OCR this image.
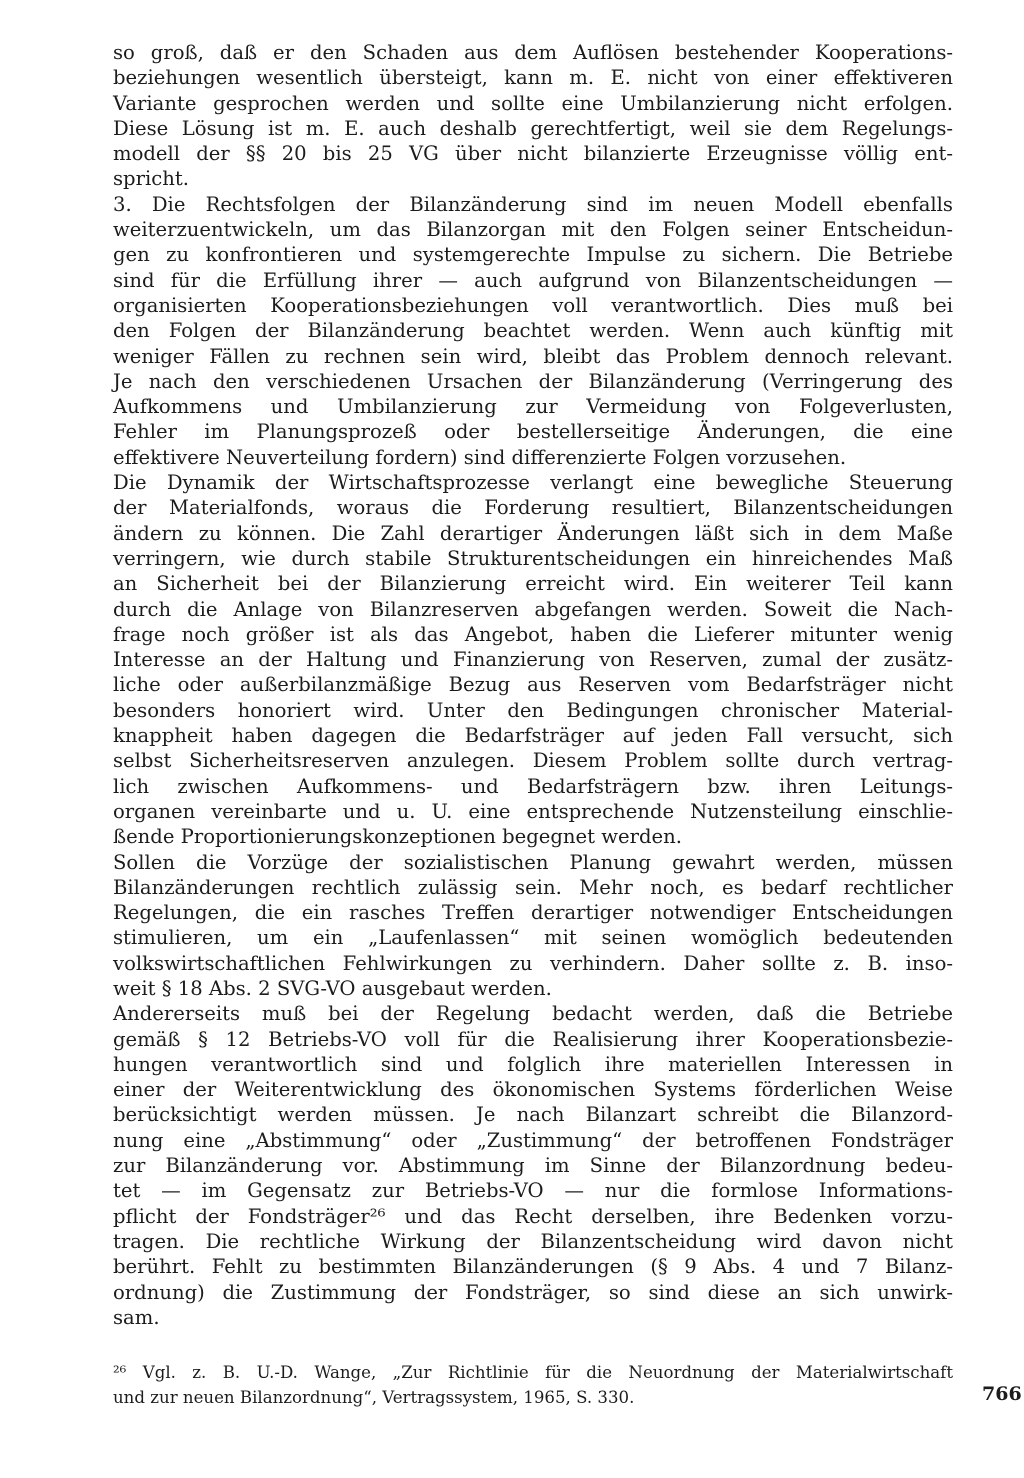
so groß, daß er den Schaden aus dem Auflösen bestehender Kooperations-
beziehungen wesentlich übersteigt, kann m. E. nicht von einer effektiveren
Variante gesprochen werden und sollte eine Umbilanzierung nicht erfolgen.
Diese Lösung ist m. E. auch deshalb gerechtfertigt, weil sie dem Regelungs-
modell der §§ 20 bis 25 VG über nicht bilanzierte Erzeugnisse völlig ent-
spricht.
3. Die Rechtsfolgen der Bilanzänderung sind im neuen Modell ebenfalls
weiterzuentwickeln, um das Bilanzorgan mit den Folgen seiner Entscheidun-
gen zu konfrontieren und systemgerechte Impulse zu sichern. Die Betriebe
sind für die Erfüllung ihrer — auch aufgrund von Bilanzentscheidungen —
organisierten Kooperationsbeziehungen voll verantwortlich. Dies muß bei
den Folgen der Bilanzänderung beachtet werden. Wenn auch künftig mit
weniger Fällen zu rechnen sein wird, bleibt das Problem dennoch relevant.
Je nach den verschiedenen Ursachen der Bilanzänderung (Verringerung des
Aufkommens und Umbilanzierung zur Vermeidung von Folgeverlusten,
Fehler im Planungsprozeß oder bestellerseitige Änderungen, die eine
effektivere Neuverteilung fordern) sind differenzierte Folgen vorzusehen.
Die Dynamik der Wirtschaftsprozesse verlangt eine bewegliche Steuerung
der Materialfonds, woraus die Forderung resultiert, Bilanzentscheidungen
ändern zu können. Die Zahl derartiger Änderungen läßt sich in dem Maße
verringern, wie durch stabile Strukturentscheidungen ein hinreichendes Maß
an Sicherheit bei der Bilanzierung erreicht wird. Ein weiterer Teil kann
durch die Anlage von Bilanzreserven abgefangen werden. Soweit die Nach-
frage noch größer ist als das Angebot, haben die Lieferer mitunter wenig
Interesse an der Haltung und Finanzierung von Reserven, zumal der zusätz-
liche oder außerbilanzmäßige Bezug aus Reserven vom Bedarfsträger nicht
besonders honoriert wird. Unter den Bedingungen chronischer Material-
knappheit haben dagegen die Bedarfsträger auf jeden Fall versucht, sich
selbst Sicherheitsreserven anzulegen. Diesem Problem sollte durch vertrag-
lich zwischen Aufkommens- und Bedarfsträgern bzw. ihren Leitungs-
organen vereinbarte und u. U. eine entsprechende Nutzensteilung einschlie-
ßende Proportionierungskonzeptionen begegnet werden.
Sollen die Vorzüge der sozialistischen Planung gewahrt werden, müssen
Bilanzänderungen rechtlich zulässig sein. Mehr noch, es bedarf rechtlicher
Regelungen, die ein rasches Treffen derartiger notwendiger Entscheidungen
stimulieren, um ein „Laufenlassen“ mit seinen womöglich bedeutenden
volkswirtschaftlichen Fehlwirkungen zu verhindern. Daher sollte z. B. inso-
weit § 18 Abs. 2 SVG-VO ausgebaut werden.
Andererseits muß bei der Regelung bedacht werden, daß die Betriebe
gemäß § 12 Betriebs-VO voll für die Realisierung ihrer Kooperationsbezie-
hungen verantwortlich sind und folglich ihre materiellen Interessen in
einer der Weiterentwicklung des ökonomischen Systems förderlichen Weise
berücksichtigt werden müssen. Je nach Bilanzart schreibt die Bilanzord-
nung eine „Abstimmung“ oder „Zustimmung“ der betroffenen Fondsträger
zur Bilanzänderung vor. Abstimmung im Sinne der Bilanzordnung bedeu-
tet — im Gegensatz zur Betriebs-VO — nur die formlose Informations-
pflicht der Fondsträger²⁶ und das Recht derselben, ihre Bedenken vorzu-
tragen. Die rechtliche Wirkung der Bilanzentscheidung wird davon nicht
berührt. Fehlt zu bestimmten Bilanzänderungen (§ 9 Abs. 4 und 7 Bilanz-
ordnung) die Zustimmung der Fondsträger, so sind diese an sich unwirk-
sam.
²⁶ Vgl. z. B. U.-D. Wange, „Zur Richtlinie für die Neuordnung der Materialwirtschaft
und zur neuen Bilanzordnung“, Vertragssystem, 1965, S. 330.	766
